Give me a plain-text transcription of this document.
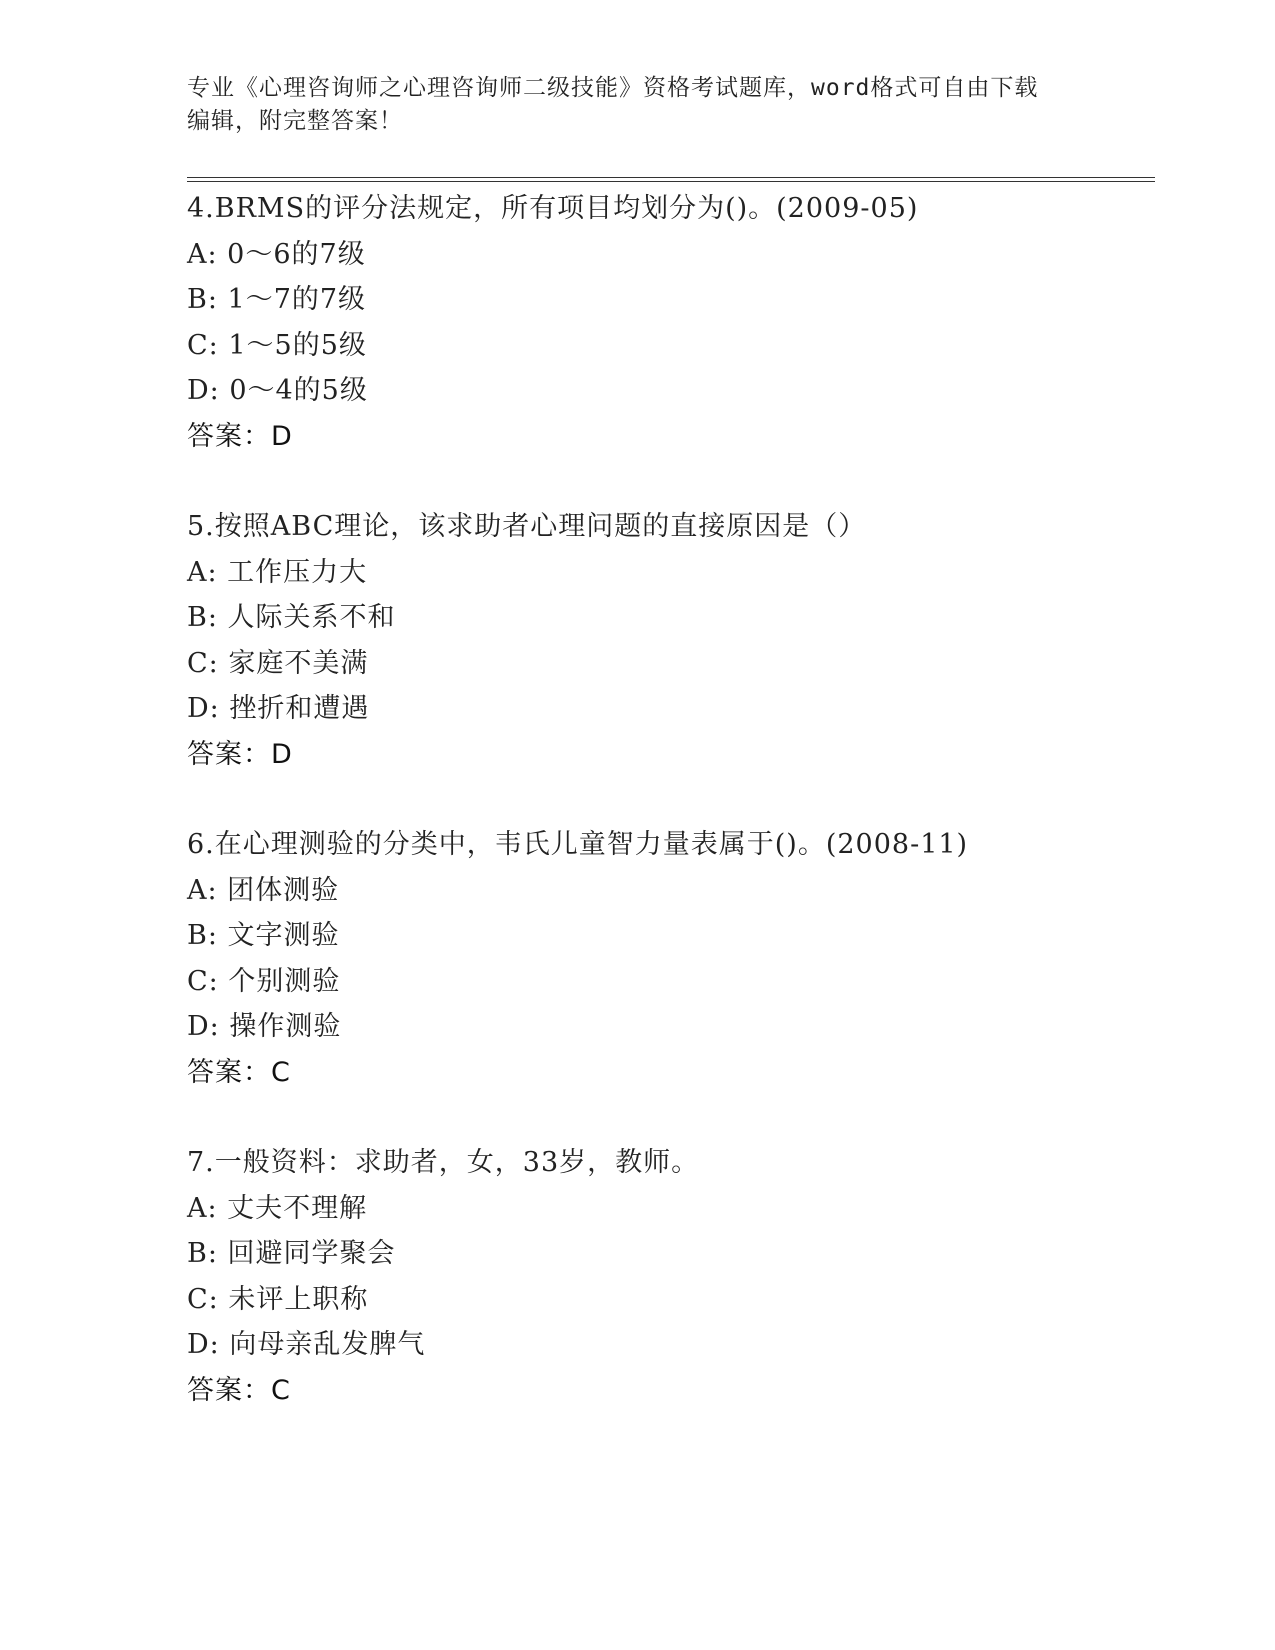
专业《心理咨询师之心理咨询师二级技能》资格考试题库，word格式可自由下载
编辑，附完整答案！
4.BRMS的评分法规定，所有项目均划分为()。(2009-05)
A: 0～6的7级
B: 1～7的7级
C: 1～5的5级
D: 0～4的5级
答案：D
5.按照ABC理论，该求助者心理问题的直接原因是（）
A: 工作压力大
B: 人际关系不和
C: 家庭不美满
D: 挫折和遭遇
答案：D
6.在心理测验的分类中，韦氏儿童智力量表属于()。(2008-11)
A: 团体测验
B: 文字测验
C: 个别测验
D: 操作测验
答案：C
7.一般资料：求助者，女，33岁，教师。
A: 丈夫不理解
B: 回避同学聚会
C: 未评上职称
D: 向母亲乱发脾气
答案：C
